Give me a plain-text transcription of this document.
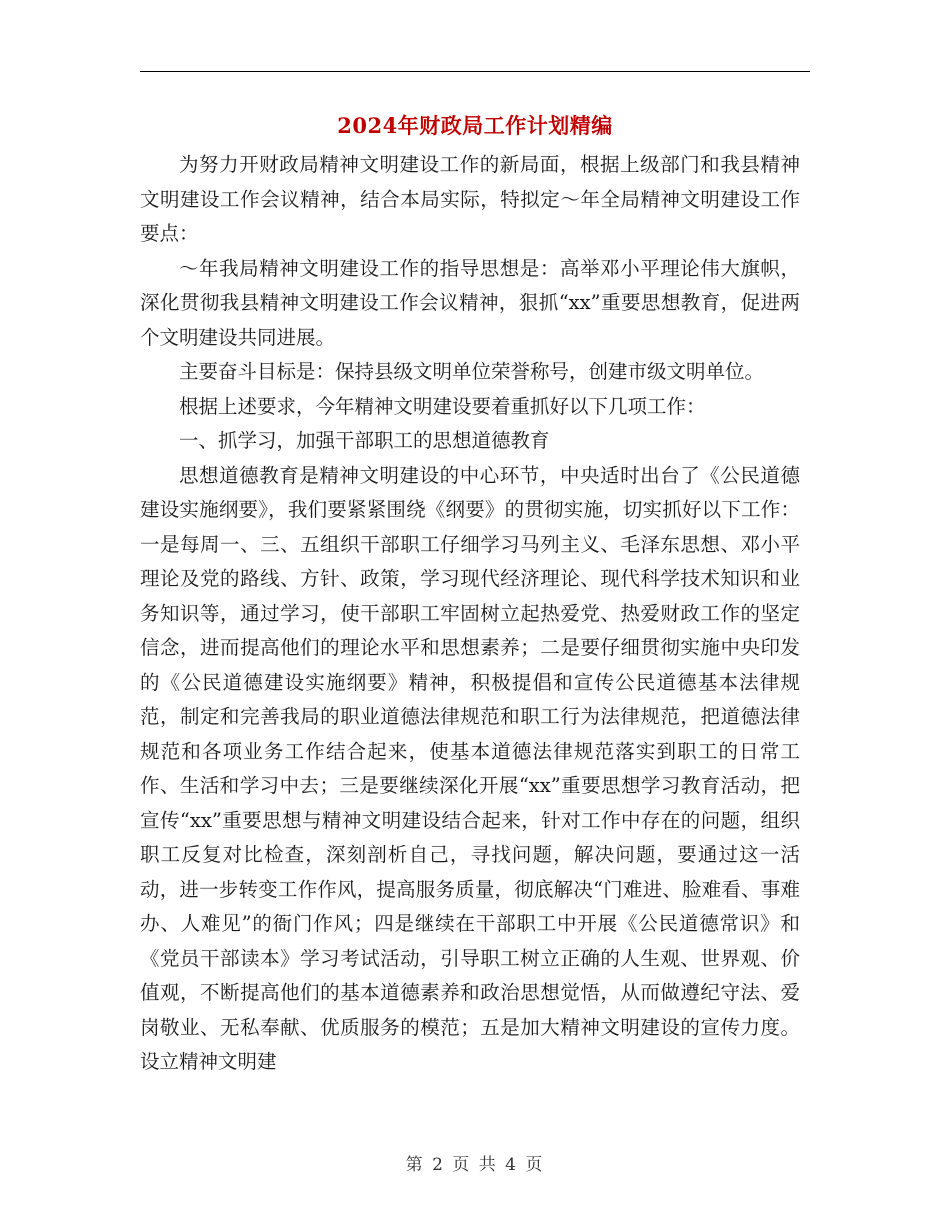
2024年财政局工作计划精编

为努力开财政局精神文明建设工作的新局面，根据上级部门和我县精神文明建设工作会议精神，结合本局实际，特拟定～年全局精神文明建设工作要点：

～年我局精神文明建设工作的指导思想是：高举邓小平理论伟大旗帜，深化贯彻我县精神文明建设工作会议精神，狠抓“xx”重要思想教育，促进两个文明建设共同进展。

主要奋斗目标是：保持县级文明单位荣誉称号，创建市级文明单位。

根据上述要求，今年精神文明建设要着重抓好以下几项工作：

一、抓学习，加强干部职工的思想道德教育

思想道德教育是精神文明建设的中心环节，中央适时出台了《公民道德建设实施纲要》，我们要紧紧围绕《纲要》的贯彻实施，切实抓好以下工作：一是每周一、三、五组织干部职工仔细学习马列主义、毛泽东思想、邓小平理论及党的路线、方针、政策，学习现代经济理论、现代科学技术知识和业务知识等，通过学习，使干部职工牢固树立起热爱党、热爱财政工作的坚定信念，进而提高他们的理论水平和思想素养；二是要仔细贯彻实施中央印发的《公民道德建设实施纲要》精神，积极提倡和宣传公民道德基本法律规范，制定和完善我局的职业道德法律规范和职工行为法律规范，把道德法律规范和各项业务工作结合起来，使基本道德法律规范落实到职工的日常工作、生活和学习中去；三是要继续深化开展“xx”重要思想学习教育活动，把宣传“xx”重要思想与精神文明建设结合起来，针对工作中存在的问题，组织职工反复对比检查，深刻剖析自己，寻找问题，解决问题，要通过这一活动，进一步转变工作作风，提高服务质量，彻底解决“门难进、脸难看、事难办、人难见”的衙门作风；四是继续在干部职工中开展《公民道德常识》和《党员干部读本》学习考试活动，引导职工树立正确的人生观、世界观、价值观，不断提高他们的基本道德素养和政治思想觉悟，从而做遵纪守法、爱岗敬业、无私奉献、优质服务的模范；五是加大精神文明建设的宣传力度。设立精神文明建

第 2 页 共 4 页
